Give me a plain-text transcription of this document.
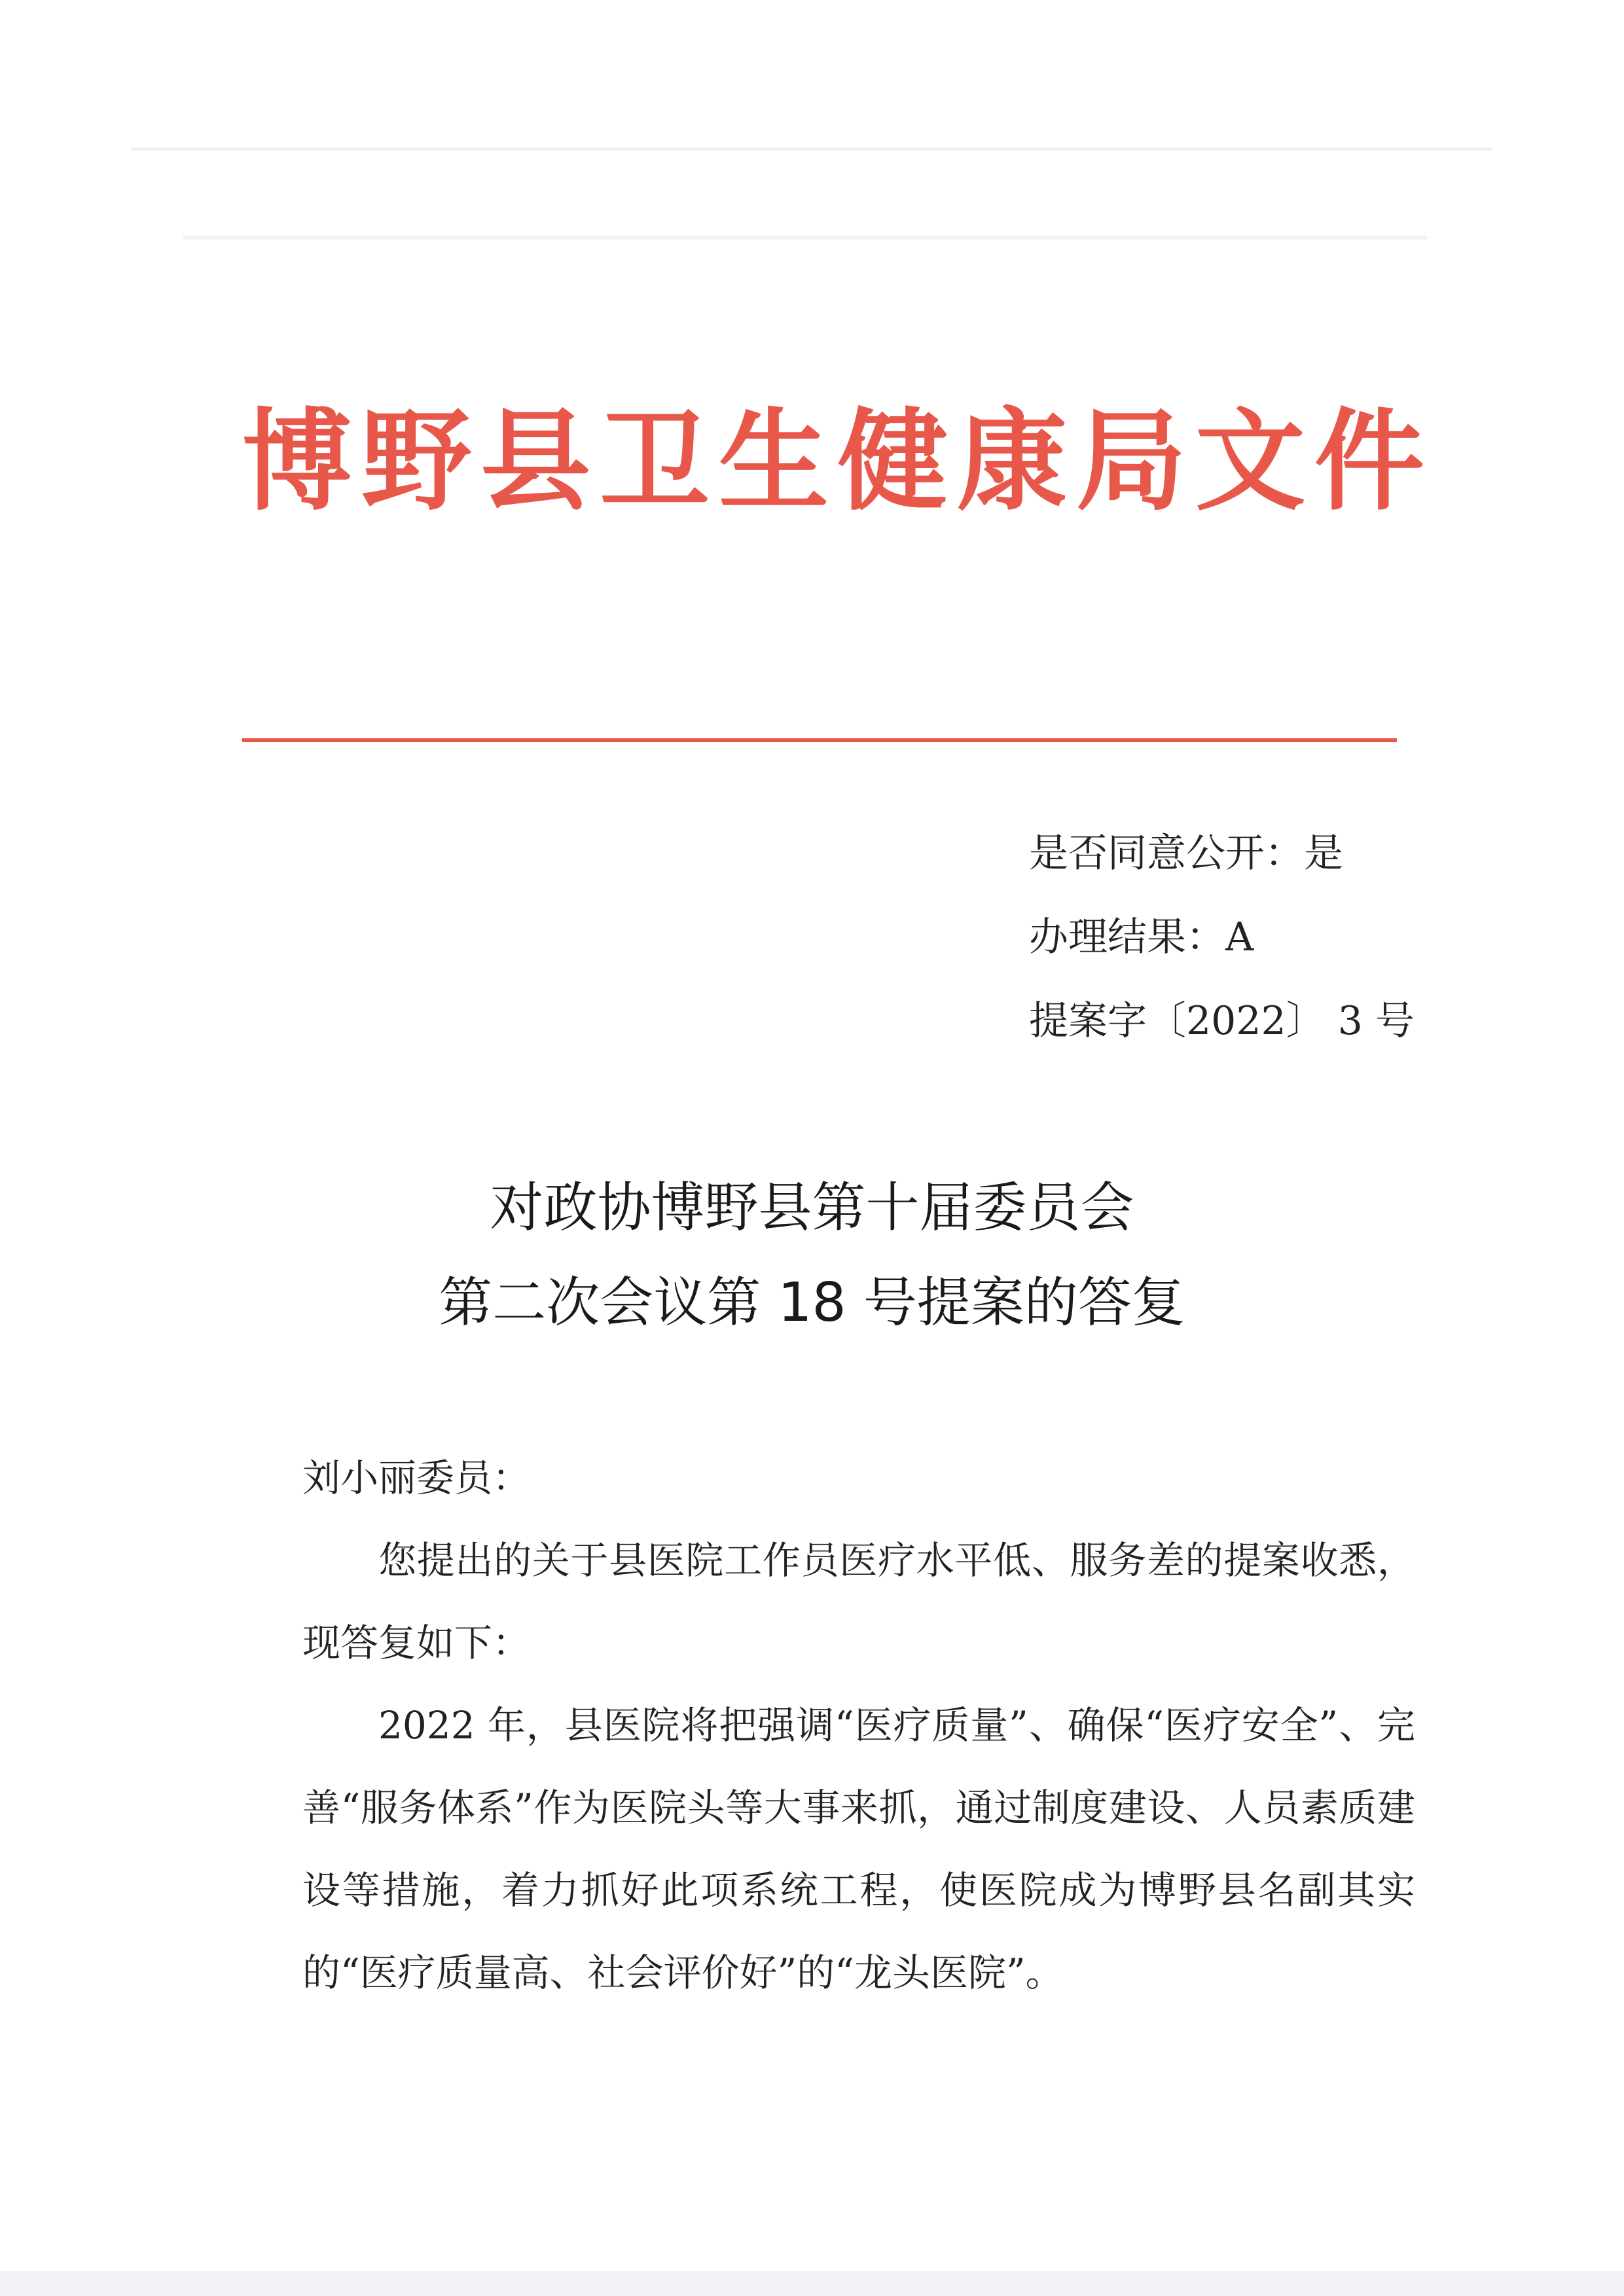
博野县卫生健康局文件
是否同意公开：是
办理结果：A
提案字〔2022〕 3 号
对政协博野县第十届委员会
第二次会议第 18 号提案的答复

刘小丽委员：

您提出的关于县医院工作员医疗水平低、服务差的提案收悉，现答复如下：

2022 年，县医院将把强调“医疗质量”、确保“医疗安全”、完善“服务体系”作为医院头等大事来抓，通过制度建设、人员素质建设等措施，着力抓好此项系统工程，使医院成为博野县名副其实的“医疗质量高、社会评价好”的“龙头医院”。
